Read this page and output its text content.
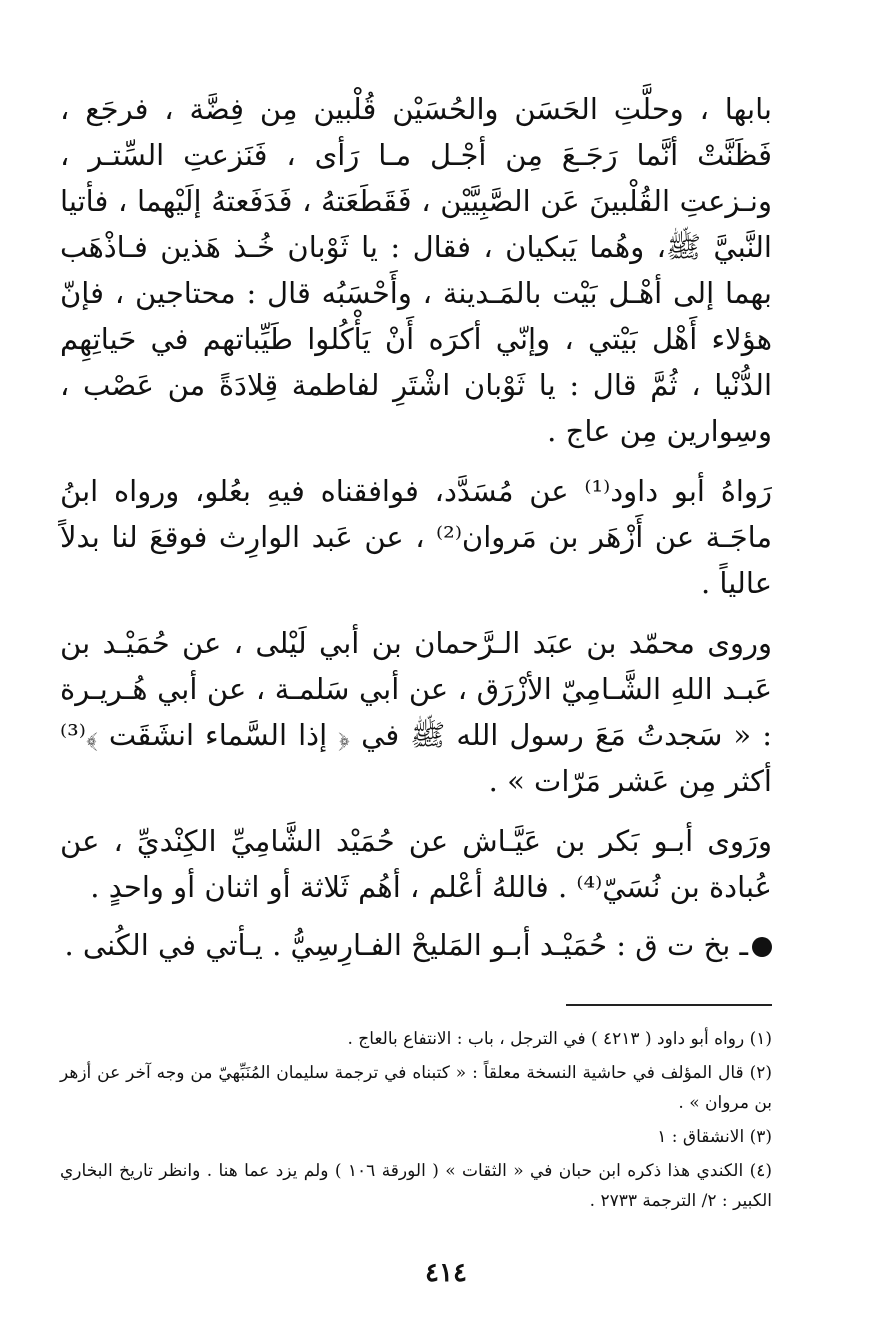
بابها ، وحلَّتِ الحَسَن والحُسَيْن قُلْبين مِن فِضَّة ، فرجَع ، فَظَنَّتْ أنَّما رَجَـعَ مِن أجْـل مـا رَأى ، فَنَزعتِ السِّتـر ، ونـزعتِ القُلْبينَ عَن الصَّبِيَّيْن ، فَقَطَعَتهُ ، فَدَفَعتهُ إلَيْهما ، فأتيا النَّبيَّ ﷺ، وهُما يَبكيان ، فقال : يا ثَوْبان خُـذ هَذين فـاذْهَب بهما إلى أهْـل بَيْت بالمَـدينة ، وأَحْسَبُه قال : محتاجين ، فإنّ هؤلاء أَهْل بَيْتي ، وإنّي أكرَه أَنْ يَأْكُلوا طَيِّباتهم في حَياتِهِم الدُّنْيا ، ثُمَّ قال : يا ثَوْبان اشْتَرِ لفاطمة قِلادَةً من عَصْب ، وسِوارين مِن عاج .

رَواهُ أبو داود⁽¹⁾ عن مُسَدَّد، فوافقناه فيهِ بعُلو، ورواه ابنُ ماجَـة عن أَزْهَر بن مَروان⁽²⁾ ، عن عَبد الوارِث فوقعَ لنا بدلاً عالياً .

وروى محمّد بن عبَد الـرَّحمان بن أبي لَيْلى ، عن حُمَيْـد بن عَبـد اللهِ الشَّـامِيّ الأزْرَق ، عن أبي سَلمـة ، عن أبي هُـريـرة : « سَجدتُ مَعَ رسول الله ﷺ في ﴿ إذا السَّماء انشَقَت ﴾⁽³⁾ أكثر مِن عَشر مَرّات » .

ورَوى أبـو بَكر بن عَيَّـاش عن حُمَيْد الشَّامِيِّ الكِنْديِّ ، عن عُبادة بن نُسَيّ⁽⁴⁾ . فاللهُ أعْلم ، أهُم ثَلاثة أو اثنان أو واحدٍ .

ـ بخ ت ق : حُمَيْـد أبـو المَليحْ الفـارِسِيُّ . يـأتي في الكُنى .

(١) رواه أبو داود ( ٤٢١٣ ) في الترجل ، باب : الانتفاع بالعاج .

(٢) قال المؤلف في حاشية النسخة معلقاً : « كتبناه في ترجمة سليمان المُنَبِّهيّ من وجه آخر عن أزهر بن مروان » .

(٣) الانشقاق : ١

(٤) الكندي هذا ذكره ابن حبان في « الثقات » ( الورقة ١٠٦ ) ولم يزد عما هنا . وانظر تاريخ البخاري الكبير : ٢/ الترجمة ٢٧٣٣ .

٤١٤
